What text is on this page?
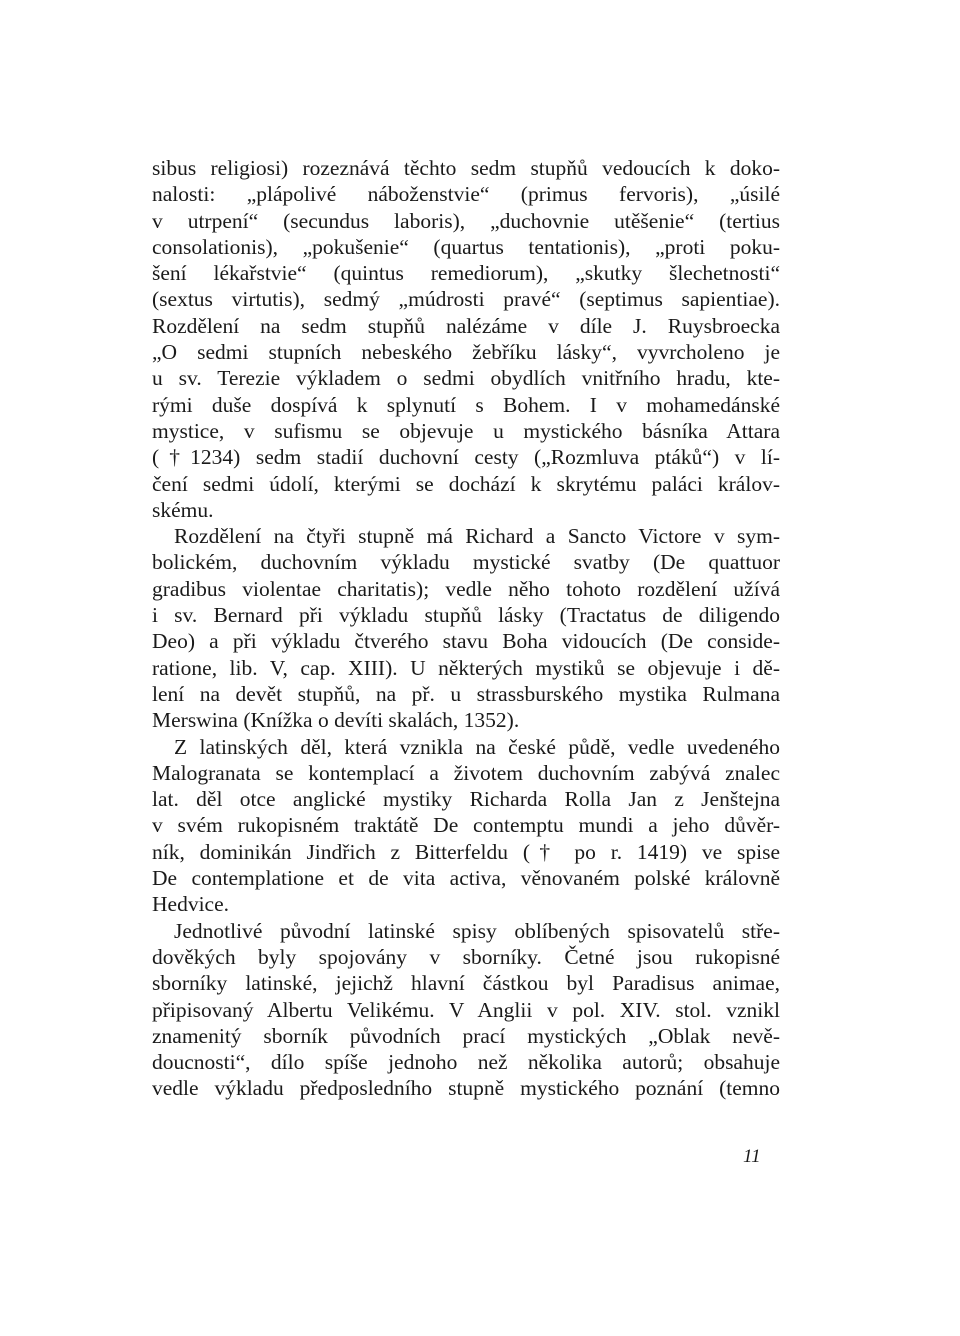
sibus religiosi) rozeznává těchto sedm stupňů vedoucích k doko-
nalosti: „plápolivé náboženstvie“ (primus fervoris), „úsilé
v utrpení“ (secundus laboris), „duchovnie utěšenie“ (tertius
consolationis), „pokušenie“ (quartus tentationis), „proti poku-
šení lékařstvie“ (quintus remediorum), „skutky šlechetnosti“
(sextus virtutis), sedmý „múdrosti pravé“ (septimus sapientiae).
Rozdělení na sedm stupňů nalézáme v díle J. Ruysbroecka
„O sedmi stupních nebeského žebříku lásky“, vyvrcholeno je
u sv. Terezie výkladem o sedmi obydlích vnitřního hradu, kte-
rými duše dospívá k splynutí s Bohem. I v mohamedánské
mystice, v sufismu se objevuje u mystického básníka Attara
(†1234) sedm stadií duchovní cesty („Rozmluva ptáků“) v lí-
čení sedmi údolí, kterými se dochází k skrytému paláci králov-
skému.
Rozdělení na čtyři stupně má Richard a Sancto Victore v sym-
bolickém, duchovním výkladu mystické svatby (De quattuor
gradibus violentae charitatis); vedle něho tohoto rozdělení užívá
i sv. Bernard při výkladu stupňů lásky (Tractatus de diligendo
Deo) a při výkladu čtverého stavu Boha vidoucích (De conside-
ratione, lib. V, cap. XIII). U některých mystiků se objevuje i dě-
lení na devět stupňů, na př. u strassburského mystika Rulmana
Merswina (Knížka o devíti skalách, 1352).
Z latinských děl, která vznikla na české půdě, vedle uvedeného
Malogranata se kontemplací a životem duchovním zabývá znalec
lat. děl otce anglické mystiky Richarda Rolla Jan z Jenštejna
v svém rukopisném traktátě De contemptu mundi a jeho důvěr-
ník, dominikán Jindřich z Bitterfeldu († po r. 1419) ve spise
De contemplatione et de vita activa, věnovaném polské královně
Hedvice.
Jednotlivé původní latinské spisy oblíbených spisovatelů stře-
dověkých byly spojovány v sborníky. Četné jsou rukopisné
sborníky latinské, jejichž hlavní částkou byl Paradisus animae,
připisovaný Albertu Velikému. V Anglii v pol. XIV. stol. vznikl
znamenitý sborník původních prací mystických „Oblak nevě-
doucnosti“, dílo spíše jednoho než několika autorů; obsahuje
vedle výkladu předposledního stupně mystického poznání (temno
11
